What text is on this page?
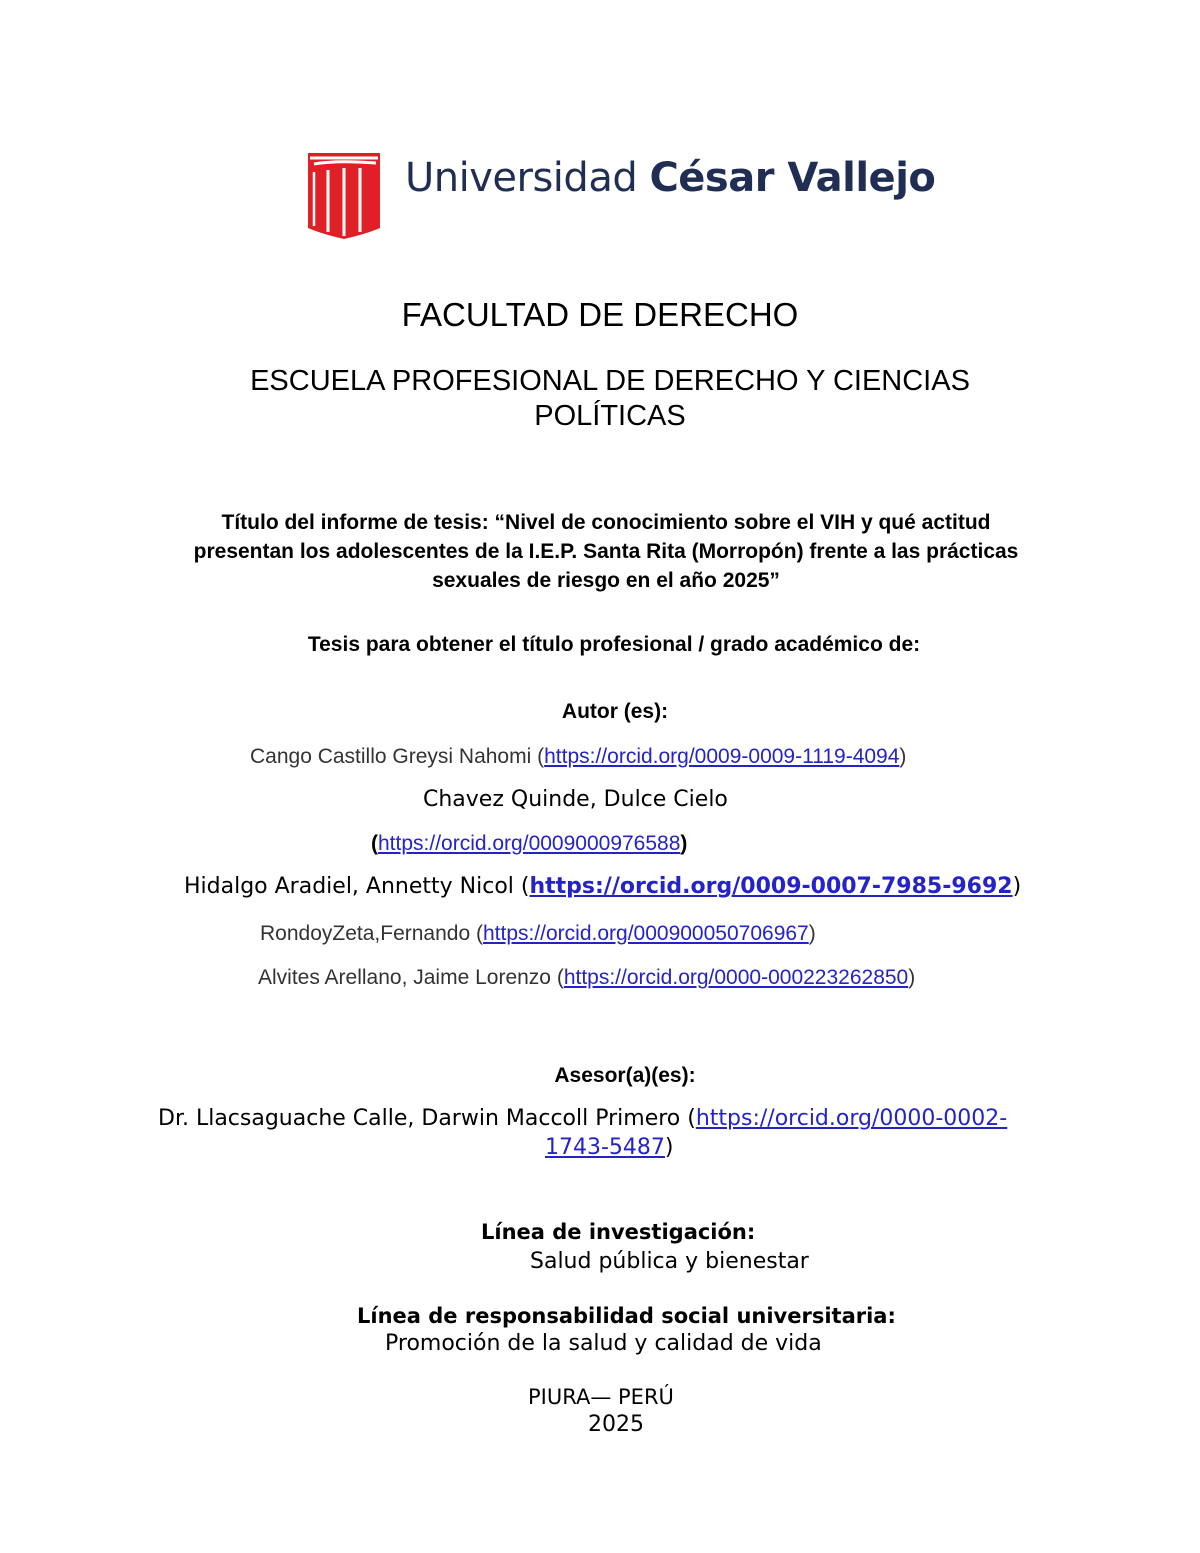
Universidad César Vallejo
FACULTAD DE DERECHO
ESCUELA PROFESIONAL DE DERECHO Y CIENCIAS
POLÍTICAS
Título del informe de tesis: “Nivel de conocimiento sobre el VIH y qué actitud
presentan los adolescentes de la I.E.P. Santa Rita (Morropón) frente a las prácticas
sexuales de riesgo en el año 2025”
Tesis para obtener el título profesional / grado académico de:
Autor (es):
Cango Castillo Greysi Nahomi (https://orcid.org/0009-0009-1119-4094)
Chavez Quinde, Dulce Cielo
(https://orcid.org/0009000976588)
Hidalgo Aradiel, Annetty Nicol (https://orcid.org/0009-0007-7985-9692)
RondoyZeta,Fernando (https://orcid.org/000900050706967)
Alvites Arellano, Jaime Lorenzo (https://orcid.org/0000-000223262850)
Asesor(a)(es):
Dr. Llacsaguache Calle, Darwin Maccoll Primero (https://orcid.org/0000-0002-
1743-5487)
Línea de investigación:
Salud pública y bienestar
Línea de responsabilidad social universitaria:
Promoción de la salud y calidad de vida
PIURA— PERÚ
2025
